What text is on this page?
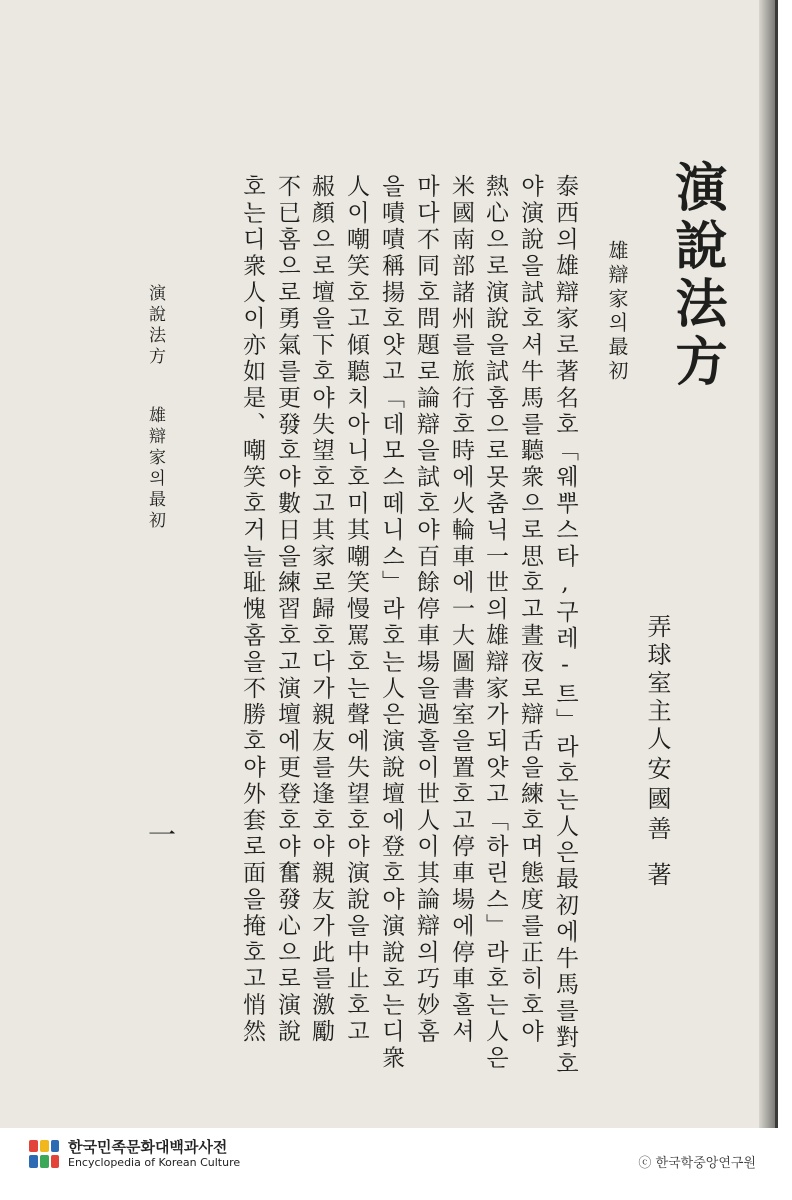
演說法方
弄球室主人
安國善
著
雄辯家의最初
泰西의雄辯家로著名호「웨뿌스타,구레-트」라호는人은最初에牛馬를對호
야演說을試호셔牛馬를聽衆으로思호고晝夜로辯舌을練호며態度를正히호야
熱心으로演說을試홈으로못춤닉一世의雄辯家가되얏고「하린스」라호는人은
米國南部諸州를旅行호時에火輪車에一大圖書室을置호고停車場에停車홀셔
마다不同호問題로論辯을試호야百餘停車場을過홀이世人이其論辯의巧妙홈
을嘖嘖稱揚호얏고「데모스떼니스」라호는人은演說壇에登호야演說호는디衆
人이嘲笑호고傾聽치아니호미其嘲笑慢罵호는聲에失望호야演說을中止호고
赧顏으로壇을下호야失望호고其家로歸호다가親友를逢호야親友가此를激勵
不已홈으로勇氣를更發호야數日을練習호고演壇에更登호야奮發心으로演說
호는디衆人이亦如是、嘲笑호거늘耻愧홈을不勝호야外套로面을掩호고悄然
演說法方
雄辯家의最初
一
한국민족문화대백과사전
Encyclopedia of Korean Culture	ⓒ 한국학중앙연구원
